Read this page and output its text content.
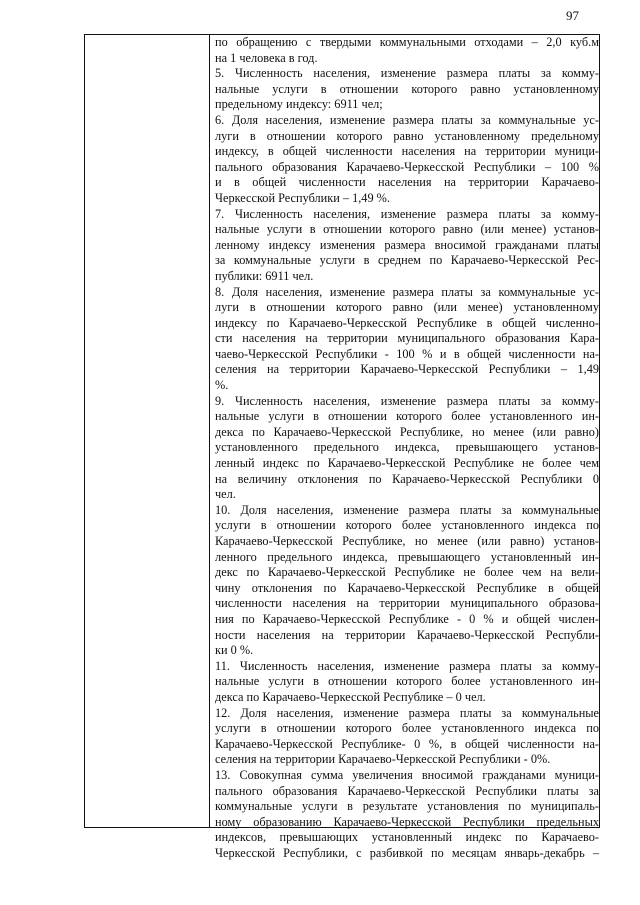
97
по обращению с твердыми коммунальными отходами – 2,0 куб.м
на 1 человека в год.
5. Численность населения, изменение размера платы за комму-
нальные услуги в отношении которого равно установленному
предельному индексу: 6911 чел;
6. Доля населения, изменение размера платы за коммунальные ус-
луги в отношении которого равно установленному предельному
индексу, в общей численности населения на территории муници-
пального образования Карачаево-Черкесской Республики – 100 %
и в общей численности населения на территории Карачаево-
Черкесской Республики – 1,49 %.
7. Численность населения, изменение размера платы за комму-
нальные услуги в отношении которого равно (или менее) установ-
ленному индексу изменения размера вносимой гражданами платы
за коммунальные услуги в среднем по Карачаево-Черкесской Рес-
публики: 6911 чел.
8. Доля населения, изменение размера платы за коммунальные ус-
луги в отношении которого равно (или менее) установленному
индексу по Карачаево-Черкесской Республике в общей численно-
сти населения на территории муниципального образования Кара-
чаево-Черкесской Республики - 100 % и в общей численности на-
селения на территории Карачаево-Черкесской Республики – 1,49
%.
9. Численность населения, изменение размера платы за комму-
нальные услуги в отношении которого более установленного ин-
декса по Карачаево-Черкесской Республике, но менее (или равно)
установленного предельного индекса, превышающего установ-
ленный индекс по Карачаево-Черкесской Республике не более чем
на величину отклонения по Карачаево-Черкесской Республики 0
чел.
10. Доля населения, изменение размера платы за коммунальные
услуги в отношении которого более установленного индекса по
Карачаево-Черкесской Республике, но менее (или равно) установ-
ленного предельного индекса, превышающего установленный ин-
декс по Карачаево-Черкесской Республике не более чем на вели-
чину отклонения по Карачаево-Черкесской Республике в общей
численности населения на территории муниципального образова-
ния по Карачаево-Черкесской Республике - 0 % и общей числен-
ности населения на территории Карачаево-Черкесской Республи-
ки 0 %.
11. Численность населения, изменение размера платы за комму-
нальные услуги в отношении которого более установленного ин-
декса по Карачаево-Черкесской Республике – 0 чел.
12. Доля населения, изменение размера платы за коммунальные
услуги в отношении которого более установленного индекса по
Карачаево-Черкесской Республике- 0 %, в общей численности на-
селения на территории Карачаево-Черкесской Республики - 0%.
13. Совокупная сумма увеличения вносимой гражданами муници-
пального образования Карачаево-Черкесской Республики платы за
коммунальные услуги в результате установления по муниципаль-
ному образованию Карачаево-Черкесской Республики предельных
индексов, превышающих установленный индекс по Карачаево-
Черкесской Республики, с разбивкой по месяцам январь-декабрь –
